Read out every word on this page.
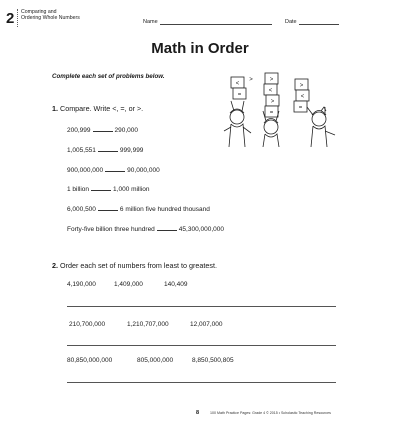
2 Comparing and
Ordering Whole Numbers
Name	Date
Math in Order
Complete each set of problems below.
<
=
>
<
>
=
>
<
=
>
1. Compare. Write <, =, or >.
200,999	290,000
1,005,551	999,999
900,000,000	90,000,000
1 billion	1,000 million
6,000,500	6 million five hundred thousand
Forty-five billion three hundred	45,300,000,000
2. Order each set of numbers from least to greatest.
4,190,000	1,409,000	140,409
210,700,000	1,210,707,000	12,007,000
80,850,000,000	805,000,000	8,850,500,805
8	100 Math Practice Pages: Grade 4 © 2015 • Scholastic Teaching Resources
